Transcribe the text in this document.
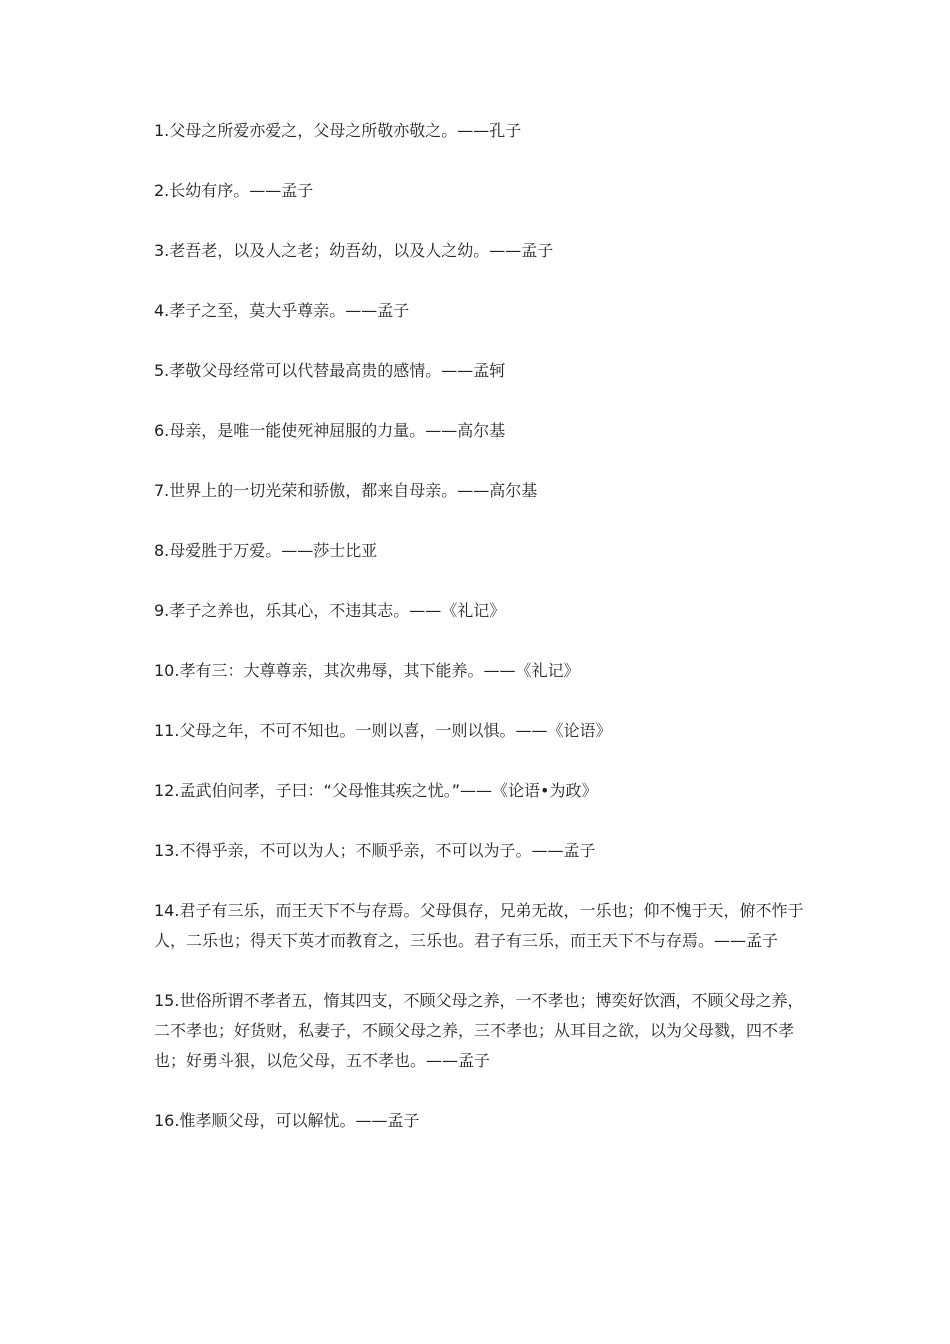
1.父母之所爱亦爱之，父母之所敬亦敬之。——孔子
2.长幼有序。——孟子
3.老吾老，以及人之老；幼吾幼，以及人之幼。——孟子
4.孝子之至，莫大乎尊亲。——孟子
5.孝敬父母经常可以代替最高贵的感情。——孟轲
6.母亲，是唯一能使死神屈服的力量。——高尔基
7.世界上的一切光荣和骄傲，都来自母亲。——高尔基
8.母爱胜于万爱。——莎士比亚
9.孝子之养也，乐其心，不违其志。——《礼记》
10.孝有三：大尊尊亲，其次弗辱，其下能养。——《礼记》
11.父母之年，不可不知也。一则以喜，一则以惧。——《论语》
12.孟武伯问孝，子曰：“父母惟其疾之忧。”——《论语•为政》
13.不得乎亲，不可以为人；不顺乎亲，不可以为子。——孟子
14.君子有三乐，而王天下不与存焉。父母俱存，兄弟无故，一乐也；仰不愧于天，俯不怍于人，二乐也；得天下英才而教育之，三乐也。君子有三乐，而王天下不与存焉。——孟子
15.世俗所谓不孝者五，惰其四支，不顾父母之养，一不孝也；博奕好饮酒，不顾父母之养，二不孝也；好货财，私妻子，不顾父母之养，三不孝也；从耳目之欲，以为父母戮，四不孝也；好勇斗狠，以危父母，五不孝也。——孟子
16.惟孝顺父母，可以解忧。——孟子
